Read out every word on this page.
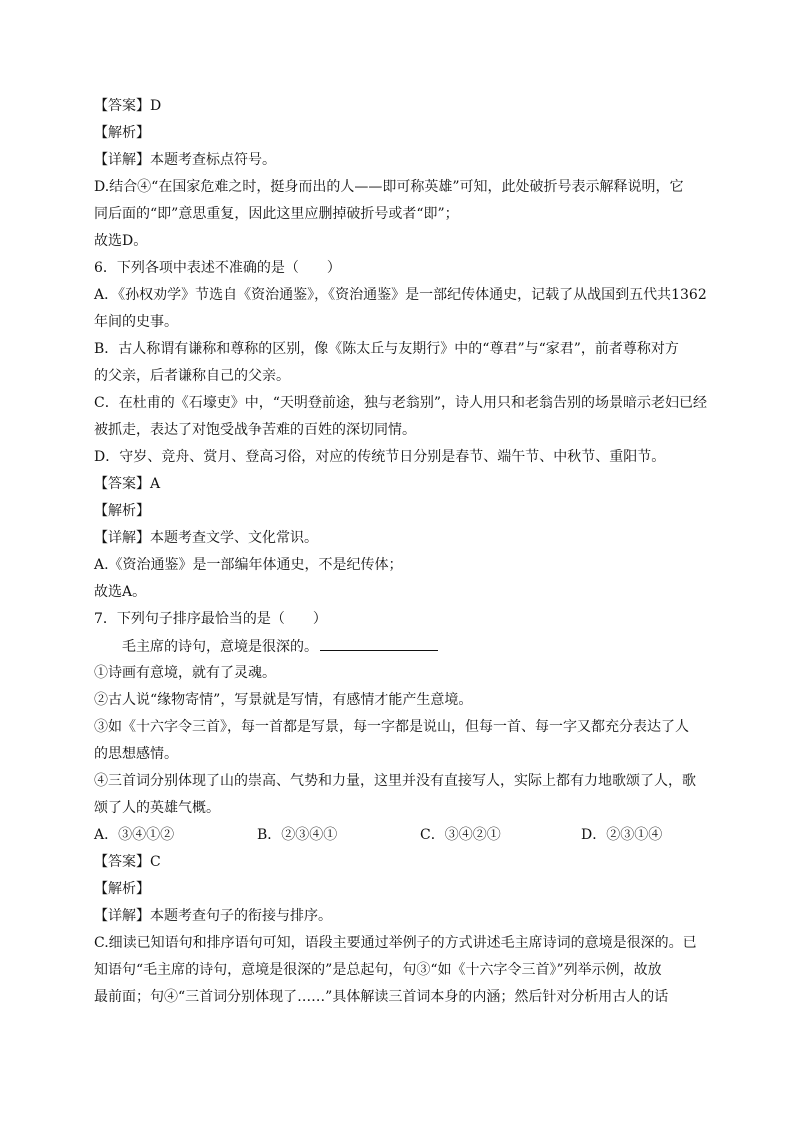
【答案】D
【解析】
【详解】本题考查标点符号。
D.结合④“在国家危难之时，挺身而出的人——即可称英雄”可知，此处破折号表示解释说明，它
同后面的“即”意思重复，因此这里应删掉破折号或者“即”；
故选D。
6．下列各项中表述不准确的是（　　）
A．《孙权劝学》节选自《资治通鉴》，《资治通鉴》是一部纪传体通史，记载了从战国到五代共1362
年间的史事。
B．古人称谓有谦称和尊称的区别，像《陈太丘与友期行》中的“尊君”与“家君”，前者尊称对方
的父亲，后者谦称自己的父亲。
C．在杜甫的《石壕吏》中，“天明登前途，独与老翁别”，诗人用只和老翁告别的场景暗示老妇已经
被抓走，表达了对饱受战争苦难的百姓的深切同情。
D．守岁、竞舟、赏月、登高习俗，对应的传统节日分别是春节、端午节、中秋节、重阳节。
【答案】A
【解析】
【详解】本题考查文学、文化常识。
A.《资治通鉴》是一部编年体通史，不是纪传体；
故选A。
7．下列句子排序最恰当的是（　　）
毛主席的诗句，意境是很深的。
①诗画有意境，就有了灵魂。
②古人说“缘物寄情”，写景就是写情，有感情才能产生意境。
③如《十六字令三首》，每一首都是写景，每一字都是说山，但每一首、每一字又都充分表达了人
的思想感情。
④三首词分别体现了山的崇高、气势和力量，这里并没有直接写人，实际上都有力地歌颂了人，歌
颂了人的英雄气概。
A．③④①②	B．②③④①	C．③④②①	D．②③①④
【答案】C
【解析】
【详解】本题考查句子的衔接与排序。
C.细读已知语句和排序语句可知，语段主要通过举例子的方式讲述毛主席诗词的意境是很深的。已
知语句“毛主席的诗句，意境是很深的”是总起句，句③“如《十六字令三首》”列举示例，故放
最前面；句④“三首词分别体现了……”具体解读三首词本身的内涵；然后针对分析用古人的话
